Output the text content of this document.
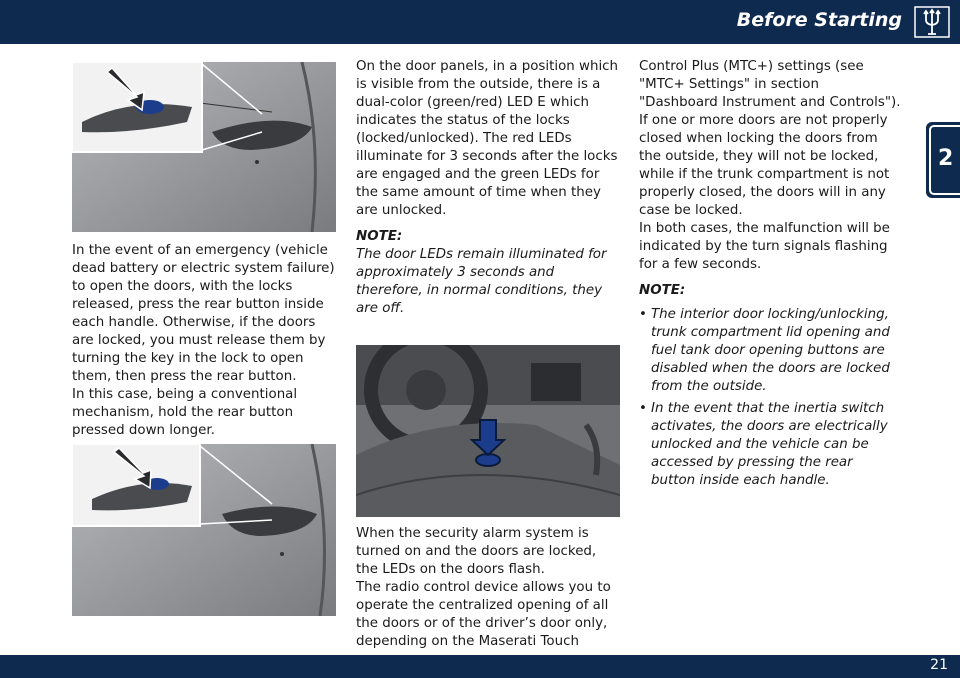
Before Starting
2

In the event of an emergency (vehicle dead battery or electric system failure) to open the doors, with the locks released, press the rear button inside each handle. Otherwise, if the doors are locked, you must release them by turning the key in the lock to open them, then press the rear button.

In this case, being a conventional mechanism, hold the rear button pressed down longer.

On the door panels, in a position which is visible from the outside, there is a dual-color (green/red) LED E which indicates the status of the locks (locked/unlocked). The red LEDs illuminate for 3 seconds after the locks are engaged and the green LEDs for the same amount of time when they are unlocked.

NOTE:

The door LEDs remain illuminated for approximately 3 seconds and therefore, in normal conditions, they are off.

When the security alarm system is turned on and the doors are locked, the LEDs on the doors flash.

The radio control device allows you to operate the centralized opening of all the doors or of the driver’s door only, depending on the Maserati Touch

Control Plus (MTC+) settings (see "MTC+ Settings" in section "Dashboard Instrument and Controls").

If one or more doors are not properly closed when locking the doors from the outside, they will not be locked, while if the trunk compartment is not properly closed, the doors will in any case be locked.

In both cases, the malfunction will be indicated by the turn signals flashing for a few seconds.

NOTE:

• The interior door locking/unlocking, trunk compartment lid opening and fuel tank door opening buttons are disabled when the doors are locked from the outside.
• In the event that the inertia switch activates, the doors are electrically unlocked and the vehicle can be accessed by pressing the rear button inside each handle.
21
